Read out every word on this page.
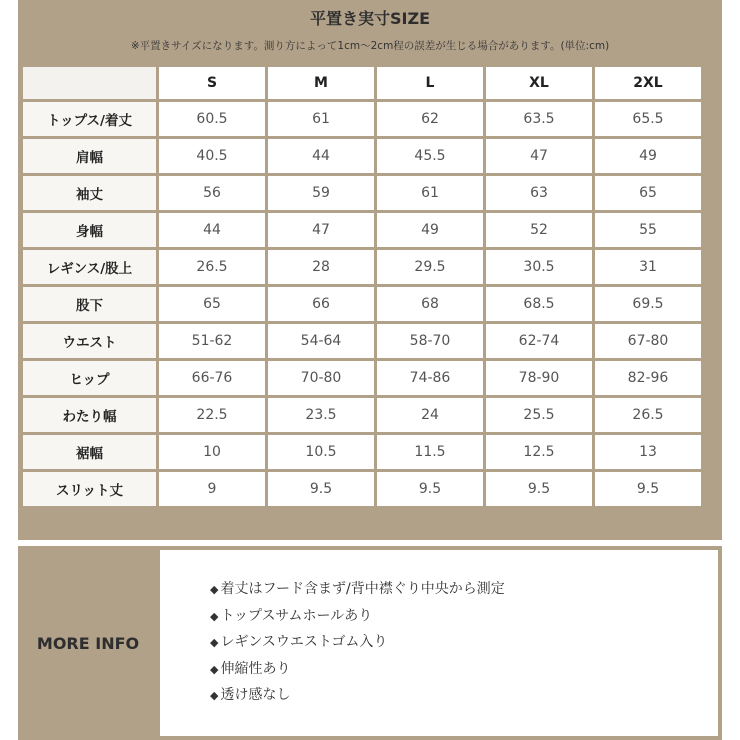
平置き実寸SIZE
※平置きサイズになります。測り方によって1cm～2cm程の誤差が生じる場合があります。(単位:cm)
	S	M	L	XL	2XL
トップス/着丈	60.5	61	62	63.5	65.5
肩幅	40.5	44	45.5	47	49
袖丈	56	59	61	63	65
身幅	44	47	49	52	55
レギンス/股上	26.5	28	29.5	30.5	31
股下	65	66	68	68.5	69.5
ウエスト	51-62	54-64	58-70	62-74	67-80
ヒップ	66-76	70-80	74-86	78-90	82-96
わたり幅	22.5	23.5	24	25.5	26.5
裾幅	10	10.5	11.5	12.5	13
スリット丈	9	9.5	9.5	9.5	9.5
MORE INFO
◆ 着丈はフード含まず/背中襟ぐり中央から測定
◆ トップスサムホールあり
◆ レギンスウエストゴム入り
◆ 伸縮性あり
◆ 透け感なし
